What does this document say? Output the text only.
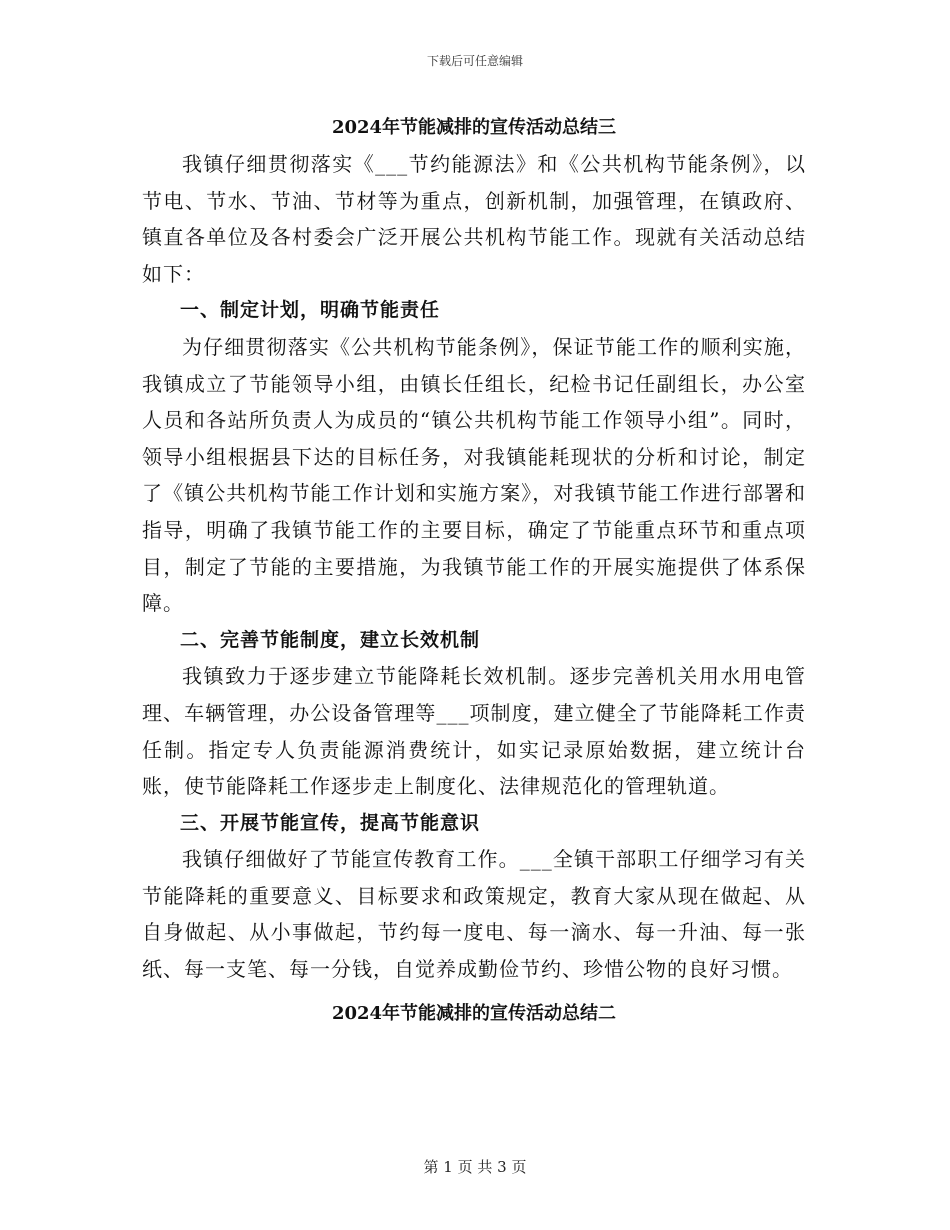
下载后可任意编辑
2024年节能减排的宣传活动总结三

我镇仔细贯彻落实《___节约能源法》和《公共机构节能条例》，以节电、节水、节油、节材等为重点，创新机制，加强管理，在镇政府、镇直各单位及各村委会广泛开展公共机构节能工作。现就有关活动总结如下：

一、制定计划，明确节能责任

为仔细贯彻落实《公共机构节能条例》，保证节能工作的顺利实施，我镇成立了节能领导小组，由镇长任组长，纪检书记任副组长，办公室人员和各站所负责人为成员的“镇公共机构节能工作领导小组”。同时，领导小组根据县下达的目标任务，对我镇能耗现状的分析和讨论，制定了《镇公共机构节能工作计划和实施方案》，对我镇节能工作进行部署和指导，明确了我镇节能工作的主要目标，确定了节能重点环节和重点项目，制定了节能的主要措施，为我镇节能工作的开展实施提供了体系保障。

二、完善节能制度，建立长效机制

我镇致力于逐步建立节能降耗长效机制。逐步完善机关用水用电管理、车辆管理，办公设备管理等___项制度，建立健全了节能降耗工作责任制。指定专人负责能源消费统计，如实记录原始数据，建立统计台账，使节能降耗工作逐步走上制度化、法律规范化的管理轨道。

三、开展节能宣传，提高节能意识

我镇仔细做好了节能宣传教育工作。___全镇干部职工仔细学习有关节能降耗的重要意义、目标要求和政策规定，教育大家从现在做起、从自身做起、从小事做起，节约每一度电、每一滴水、每一升油、每一张纸、每一支笔、每一分钱，自觉养成勤俭节约、珍惜公物的良好习惯。

2024年节能减排的宣传活动总结二
第 1 页 共 3 页
